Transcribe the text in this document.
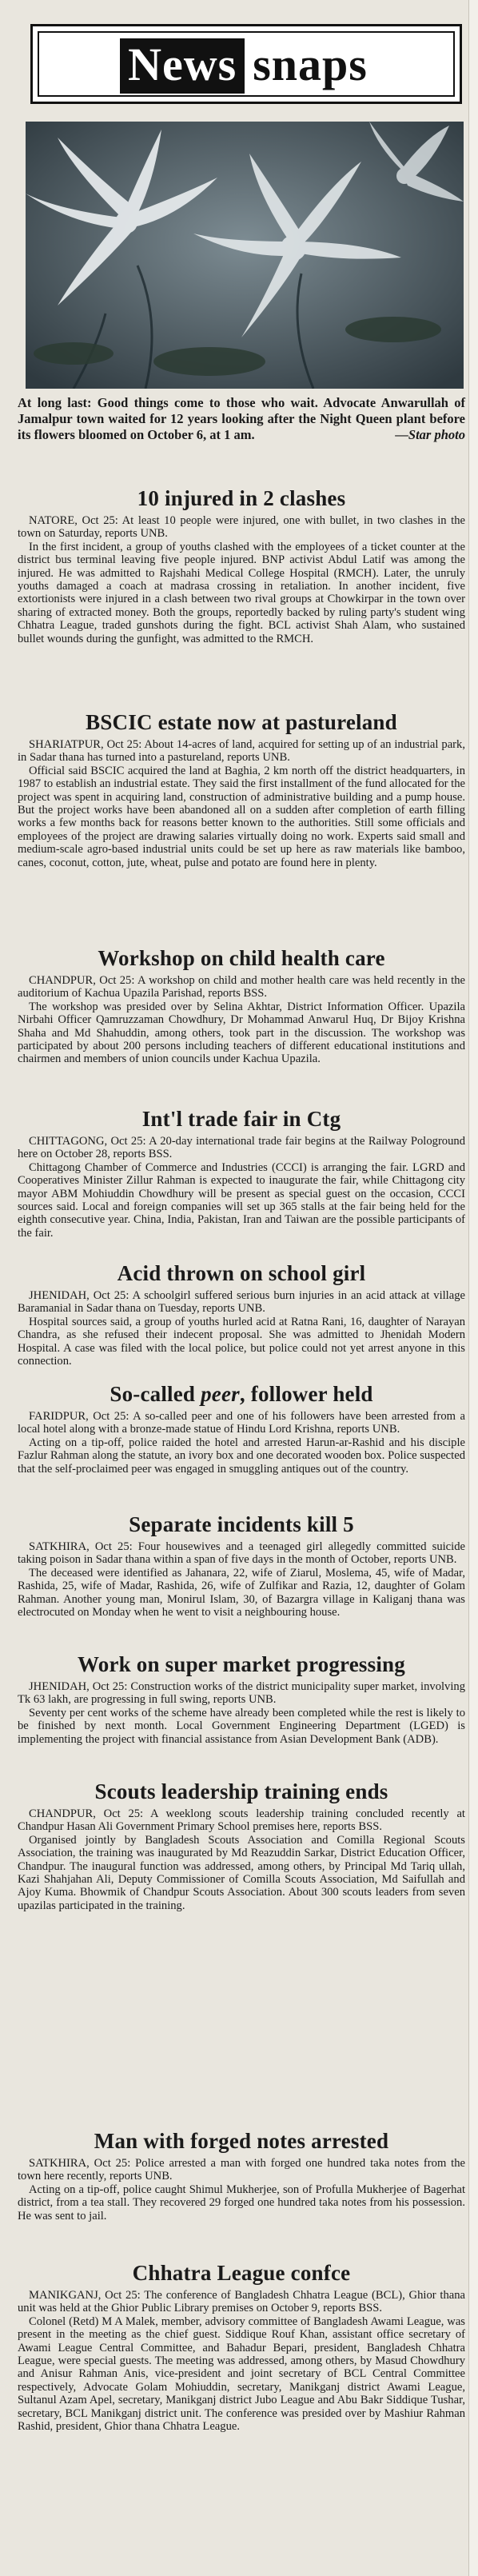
News snaps
At long last: Good things come to those who wait. Advocate Anwarullah of Jamalpur town waited for 12 years looking after the Night Queen plant before its flowers bloomed on October 6, at 1 am.	—Star photo
10 injured in 2 clashes

NATORE, Oct 25: At least 10 people were injured, one with bullet, in two clashes in the town on Saturday, reports UNB.

In the first incident, a group of youths clashed with the employees of a ticket counter at the district bus terminal leaving five people injured. BNP activist Abdul Latif was among the injured. He was admitted to Rajshahi Medical College Hospital (RMCH). Later, the unruly youths damaged a coach at madrasa crossing in retaliation. In another incident, five extortionists were injured in a clash between two rival groups at Chowkirpar in the town over sharing of extracted money. Both the groups, reportedly backed by ruling party's student wing Chhatra League, traded gunshots during the fight. BCL activist Shah Alam, who sustained bullet wounds during the gunfight, was admitted to the RMCH.

BSCIC estate now at pastureland

SHARIATPUR, Oct 25: About 14-acres of land, acquired for setting up of an industrial park, in Sadar thana has turned into a pastureland, reports UNB.

Official said BSCIC acquired the land at Baghia, 2 km north off the district headquarters, in 1987 to establish an industrial estate. They said the first installment of the fund allocated for the project was spent in acquiring land, construction of administrative building and a pump house. But the project works have been abandoned all on a sudden after completion of earth filling works a few months back for reasons better known to the authorities. Still some officials and employees of the project are drawing salaries virtually doing no work. Experts said small and medium-scale agro-based industrial units could be set up here as raw materials like bamboo, canes, coconut, cotton, jute, wheat, pulse and potato are found here in plenty.

Workshop on child health care

CHANDPUR, Oct 25: A workshop on child and mother health care was held recently in the auditorium of Kachua Upazila Parishad, reports BSS.

The workshop was presided over by Selina Akhtar, District Information Officer. Upazila Nirbahi Officer Qamruzzaman Chowdhury, Dr Mohammad Anwarul Huq, Dr Bijoy Krishna Shaha and Md Shahuddin, among others, took part in the discussion. The workshop was participated by about 200 persons including teachers of different educational institutions and chairmen and members of union councils under Kachua Upazila.

Int'l trade fair in Ctg

CHITTAGONG, Oct 25: A 20-day international trade fair begins at the Railway Pologround here on October 28, reports BSS.

Chittagong Chamber of Commerce and Industries (CCCI) is arranging the fair. LGRD and Cooperatives Minister Zillur Rahman is expected to inaugurate the fair, while Chittagong city mayor ABM Mohiuddin Chowdhury will be present as special guest on the occasion, CCCI sources said. Local and foreign companies will set up 365 stalls at the fair being held for the eighth consecutive year. China, India, Pakistan, Iran and Taiwan are the possible participants of the fair.

Acid thrown on school girl

JHENIDAH, Oct 25: A schoolgirl suffered serious burn injuries in an acid attack at village Baramanial in Sadar thana on Tuesday, reports UNB.

Hospital sources said, a group of youths hurled acid at Ratna Rani, 16, daughter of Narayan Chandra, as she refused their indecent proposal. She was admitted to Jhenidah Modern Hospital. A case was filed with the local police, but police could not yet arrest anyone in this connection.

So-called peer, follower held

FARIDPUR, Oct 25: A so-called peer and one of his followers have been arrested from a local hotel along with a bronze-made statue of Hindu Lord Krishna, reports UNB.

Acting on a tip-off, police raided the hotel and arrested Harun-ar-Rashid and his disciple Fazlur Rahman along the statute, an ivory box and one decorated wooden box. Police suspected that the self-proclaimed peer was engaged in smuggling antiques out of the country.

Separate incidents kill 5

SATKHIRA, Oct 25: Four housewives and a teenaged girl allegedly committed suicide taking poison in Sadar thana within a span of five days in the month of October, reports UNB.

The deceased were identified as Jahanara, 22, wife of Ziarul, Moslema, 45, wife of Madar, Rashida, 25, wife of Madar, Rashida, 26, wife of Zulfikar and Razia, 12, daughter of Golam Rahman. Another young man, Monirul Islam, 30, of Bazargra village in Kaliganj thana was electrocuted on Monday when he went to visit a neighbouring house.

Work on super market progressing

JHENIDAH, Oct 25: Construction works of the district municipality super market, involving Tk 63 lakh, are progressing in full swing, reports UNB.

Seventy per cent works of the scheme have already been completed while the rest is likely to be finished by next month. Local Government Engineering Department (LGED) is implementing the project with financial assistance from Asian Development Bank (ADB).

Scouts leadership training ends

CHANDPUR, Oct 25: A weeklong scouts leadership training concluded recently at Chandpur Hasan Ali Government Primary School premises here, reports BSS.

Organised jointly by Bangladesh Scouts Association and Comilla Regional Scouts Association, the training was inaugurated by Md Reazuddin Sarkar, District Education Officer, Chandpur. The inaugural function was addressed, among others, by Principal Md Tariq ullah, Kazi Shahjahan Ali, Deputy Commissioner of Comilla Scouts Association, Md Saifullah and Ajoy Kuma. Bhowmik of Chandpur Scouts Association. About 300 scouts leaders from seven upazilas participated in the training.

Man with forged notes arrested

SATKHIRA, Oct 25: Police arrested a man with forged one hundred taka notes from the town here recently, reports UNB.

Acting on a tip-off, police caught Shimul Mukherjee, son of Profulla Mukherjee of Bagerhat district, from a tea stall. They recovered 29 forged one hundred taka notes from his possession. He was sent to jail.

Chhatra League confce

MANIKGANJ, Oct 25: The conference of Bangladesh Chhatra League (BCL), Ghior thana unit was held at the Ghior Public Library premises on October 9, reports BSS.

Colonel (Retd) M A Malek, member, advisory committee of Bangladesh Awami League, was present in the meeting as the chief guest. Siddique Rouf Khan, assistant office secretary of Awami League Central Committee, and Bahadur Bepari, president, Bangladesh Chhatra League, were special guests. The meeting was addressed, among others, by Masud Chowdhury and Anisur Rahman Anis, vice-president and joint secretary of BCL Central Committee respectively, Advocate Golam Mohiuddin, secretary, Manikganj district Awami League, Sultanul Azam Apel, secretary, Manikganj district Jubo League and Abu Bakr Siddique Tushar, secretary, BCL Manikganj district unit. The conference was presided over by Mashiur Rahman Rashid, president, Ghior thana Chhatra League.
